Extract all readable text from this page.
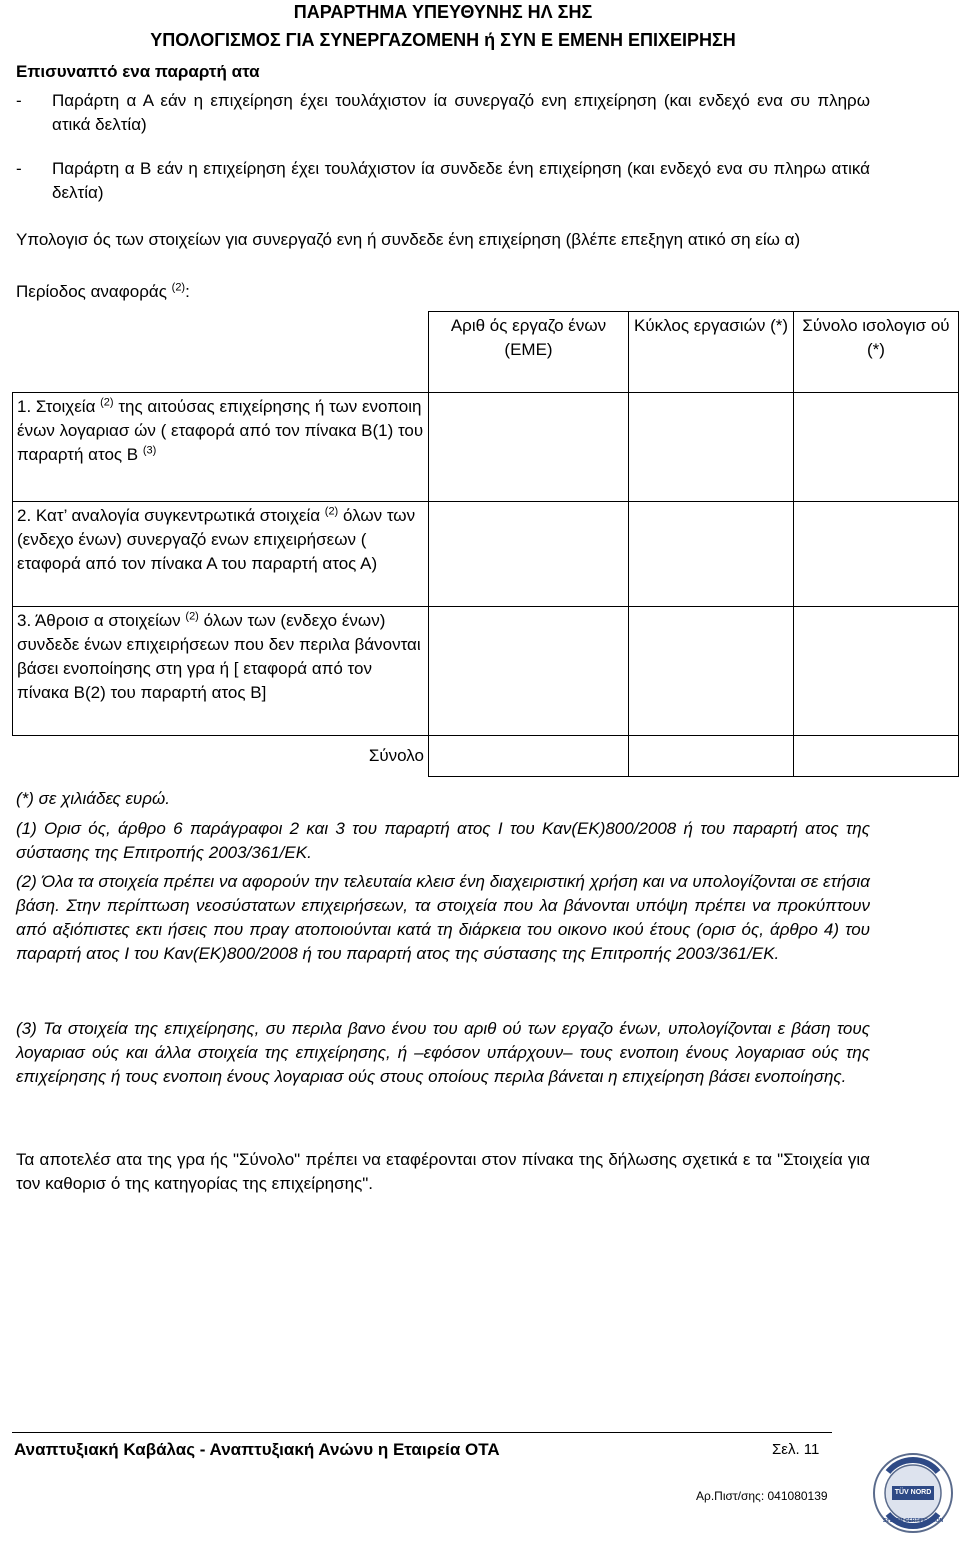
ΠΑΡΑΡΤΗΜΑ ΥΠΕΥΘΥΝΗΣ ΗΛ ΣΗΣ
ΥΠΟΛΟΓΙΣΜΟΣ ΓΙΑ ΣΥΝΕΡΓΑΖΟΜΕΝΗ ή ΣΥΝ Ε ΕΜΕΝΗ ΕΠΙΧΕΙΡΗΣΗ
Επισυναπτό ενα παραρτή ατα
- Παράρτη α Α εάν η επιχείρηση έχει τουλάχιστον ία συνεργαζό ενη επιχείρηση (και ενδεχό ενα συ πληρω ατικά δελτία)
- Παράρτη α Β εάν η επιχείρηση έχει τουλάχιστον ία συνδεδε ένη επιχείρηση (και ενδεχό ενα συ πληρω ατικά δελτία)
Υπολογισ ός των στοιχείων για συνεργαζό ενη ή συνδεδε ένη επιχείρηση (βλέπε επεξηγη ατικό ση είω α)
Περίοδος αναφοράς $^{(2)}$:
	Αριθ ός εργαζο ένων (ΕΜΕ)	Κύκλος εργασιών (*)	Σύνολο ισολογισ ού (*)
1. Στοιχεία $^{(2)}$ της αιτούσας επιχείρησης ή των ενοποιη ένων λογαριασ ών ( εταφορά από τον πίνακα Β(1) του παραρτή ατος Β $^{(3)}$			
2. Κατ’ αναλογία συγκεντρωτικά στοιχεία $^{(2)}$ όλων των (ενδεχο ένων) συνεργαζό ενων επιχειρήσεων ( εταφορά από τον πίνακα Α του παραρτή ατος Α)			
3. Άθροισ α στοιχείων $^{(2)}$ όλων των (ενδεχο ένων) συνδεδε ένων επιχειρήσεων που δεν περιλα βάνονται βάσει ενοποίησης στη γρα ή [ εταφορά από τον πίνακα Β(2) του παραρτή ατος Β]			
Σύνολο			
(*) σε χιλιάδες ευρώ.
(1) Ορισ ός, άρθρο 6 παράγραφοι 2 και 3 του παραρτή ατος Ι του Καν(ΕΚ)800/2008 ή του παραρτή ατος της σύστασης της Επιτροπής 2003/361/ΕΚ.
(2) Όλα τα στοιχεία πρέπει να αφορούν την τελευταία κλεισ ένη διαχειριστική χρήση και να υπολογίζονται σε ετήσια βάση. Στην περίπτωση νεοσύστατων επιχειρήσεων, τα στοιχεία που λα βάνονται υπόψη πρέπει να προκύπτουν από αξιόπιστες εκτι ήσεις που πραγ ατοποιούνται κατά τη διάρκεια του οικονο ικού έτους (ορισ ός, άρθρο 4) του παραρτή ατος Ι του Καν(ΕΚ)800/2008 ή του παραρτή ατος της σύστασης της Επιτροπής 2003/361/ΕΚ.
(3) Τα στοιχεία της επιχείρησης, συ περιλα βανο ένου του αριθ ού των εργαζο ένων, υπολογίζονται ε βάση τους λογαριασ ούς και άλλα στοιχεία της επιχείρησης, ή –εφόσον υπάρχουν– τους ενοποιη ένους λογαριασ ούς της επιχείρησης ή τους ενοποιη ένους λογαριασ ούς στους οποίους περιλα βάνεται η επιχείρηση βάσει ενοποίησης.
Τα αποτελέσ ατα της γρα ής "Σύνολο" πρέπει να εταφέρονται στον πίνακα της δήλωσης σχετικά ε τα "Στοιχεία για τον καθορισ ό της κατηγορίας της επιχείρησης".
Αναπτυξιακή Καβάλας - Αναπτυξιακή Ανώνυ η Εταιρεία ΟΤΑ	Σελ. 11
Αρ.Πιστ/σης: 041080139	TÜV NORD
SYSTEM CERTIFICATION
